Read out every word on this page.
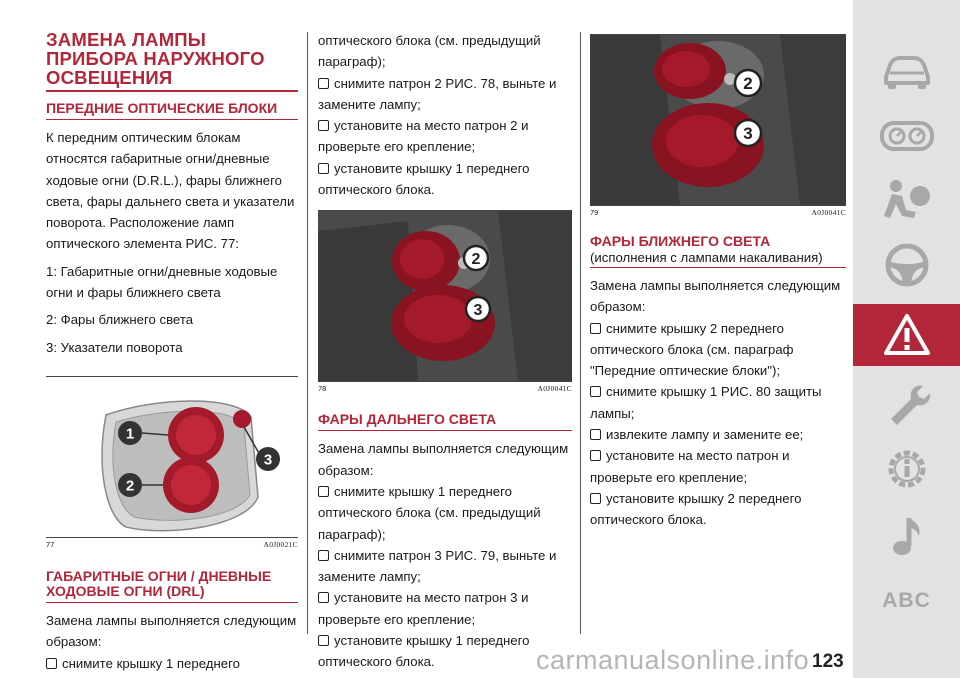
ЗАМЕНА ЛАМПЫ ПРИБОРА НАРУЖНОГО ОСВЕЩЕНИЯ
ПЕРЕДНИЕ ОПТИЧЕСКИЕ БЛОКИ

К передним оптическим блокам относятся габаритные огни/дневные ходовые огни (D.R.L.), фары ближнего света, фары дальнего света и указатели поворота. Расположение ламп оптического элемента РИС. 77:

1: Габаритные огни/дневные ходовые огни и фары ближнего света

2: Фары ближнего света

3: Указатели поворота

1
2
3
77	A0J0021C
ГАБАРИТНЫЕ ОГНИ / ДНЕВНЫЕ ХОДОВЫЕ ОГНИ (DRL)

Замена лампы выполняется следующим образом:

снимите крышку 1 переднего

оптического блока (см. предыдущий параграф);

снимите патрон 2 РИС. 78, выньте и замените лампу;

установите на место патрон 2 и проверьте его крепление;

установите крышку 1 переднего оптического блока.

2
3
78	A0J0041C
ФАРЫ ДАЛЬНЕГО СВЕТА

Замена лампы выполняется следующим образом:

снимите крышку 1 переднего оптического блока (см. предыдущий параграф);

снимите патрон 3 РИС. 79, выньте и замените лампу;

установите на место патрон 3 и проверьте его крепление;

установите крышку 1 переднего оптического блока.

2
3
79	A0J0041C
ФАРЫ БЛИЖНЕГО СВЕТА

(исполнения с лампами накаливания)

Замена лампы выполняется следующим образом:

снимите крышку 2 переднего оптического блока (см. параграф "Передние оптические блоки");

снимите крышку 1 РИС. 80 защиты лампы;

извлеките лампу и замените ее;

установите на место патрон и проверьте его крепление;

установите крышку 2 переднего оптического блока.

ABC
carmanualsonline.info 123
